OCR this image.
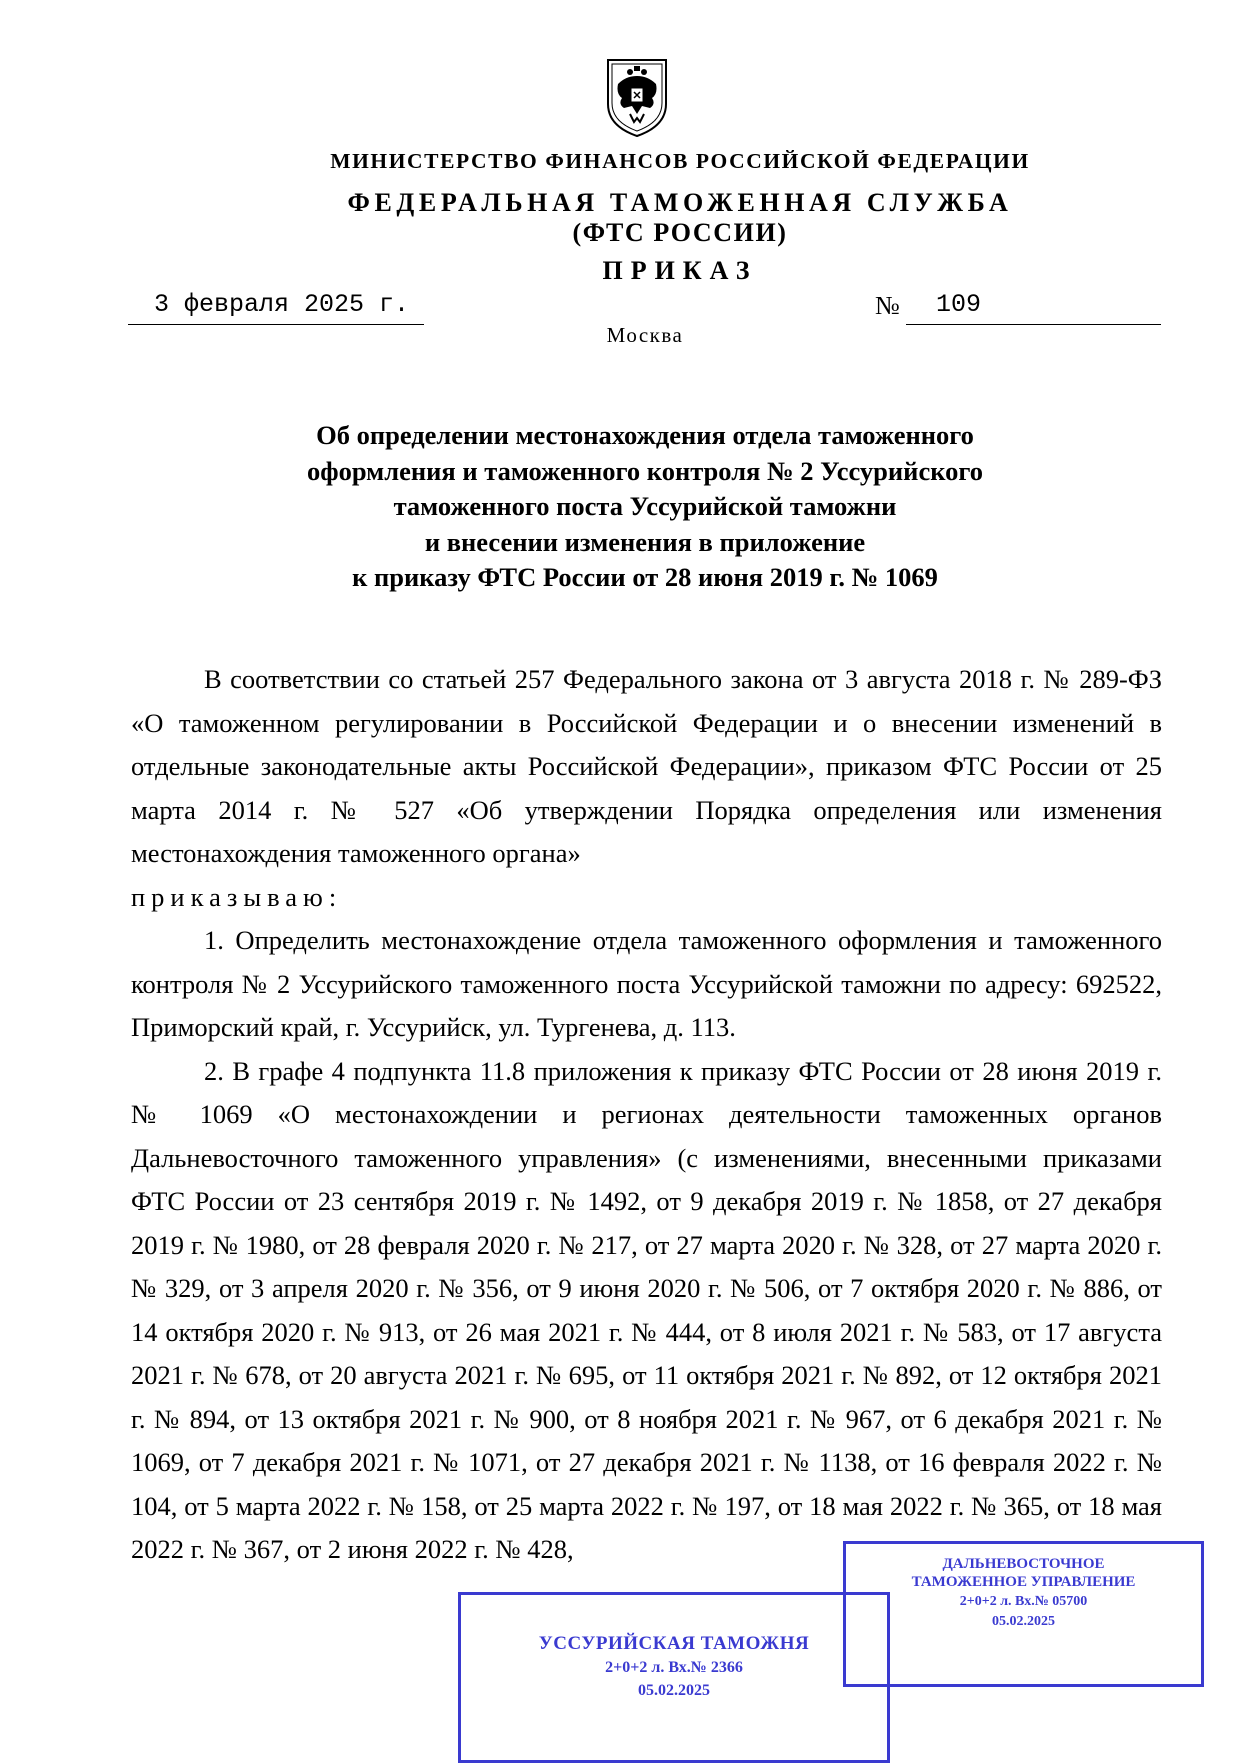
МИНИСТЕРСТВО ФИНАНСОВ РОССИЙСКОЙ ФЕДЕРАЦИИ
ФЕДЕРАЛЬНАЯ ТАМОЖЕННАЯ СЛУЖБА
(ФТС РОССИИ)
ПРИКАЗ
3 февраля 2025 г.	№ 109
Москва
Об определении местонахождения отдела таможенного
оформления и таможенного контроля № 2 Уссурийского
таможенного поста Уссурийской таможни
и внесении изменения в приложение
к приказу ФТС России от 28 июня 2019 г. № 1069

В соответствии со статьей 257 Федерального закона от 3 августа 2018 г. № 289-ФЗ «О таможенном регулировании в Российской Федерации и о внесении изменений в отдельные законодательные акты Российской Федерации», приказом ФТС России от 25 марта 2014 г. № 527 «Об утверждении Порядка определения или изменения местонахождения таможенного органа»

приказываю:

1. Определить местонахождение отдела таможенного оформления и таможенного контроля № 2 Уссурийского таможенного поста Уссурийской таможни по адресу: 692522, Приморский край, г. Уссурийск, ул. Тургенева, д. 113.

2. В графе 4 подпункта 11.8 приложения к приказу ФТС России от 28 июня 2019 г. № 1069 «О местонахождении и регионах деятельности таможенных органов Дальневосточного таможенного управления» (с изменениями, внесенными приказами ФТС России от 23 сентября 2019 г. № 1492, от 9 декабря 2019 г. № 1858, от 27 декабря 2019 г. № 1980, от 28 февраля 2020 г. № 217, от 27 марта 2020 г. № 328, от 27 марта 2020 г. № 329, от 3 апреля 2020 г. № 356, от 9 июня 2020 г. № 506, от 7 октября 2020 г. № 886, от 14 октября 2020 г. № 913, от 26 мая 2021 г. № 444, от 8 июля 2021 г. № 583, от 17 августа 2021 г. № 678, от 20 августа 2021 г. № 695, от 11 октября 2021 г. № 892, от 12 октября 2021 г. № 894, от 13 октября 2021 г. № 900, от 8 ноября 2021 г. № 967, от 6 декабря 2021 г. № 1069, от 7 декабря 2021 г. № 1071, от 27 декабря 2021 г. № 1138, от 16 февраля 2022 г. № 104, от 5 марта 2022 г. № 158, от 25 марта 2022 г. № 197, от 18 мая 2022 г. № 365, от 18 мая 2022 г. № 367, от 2 июня 2022 г. № 428,

УССУРИЙСКАЯ ТАМОЖНЯ
2+0+2 л. Вх.№ 2366
05.02.2025
ДАЛЬНЕВОСТОЧНОЕ
ТАМОЖЕННОЕ УПРАВЛЕНИЕ
2+0+2 л. Вх.№ 05700
05.02.2025
